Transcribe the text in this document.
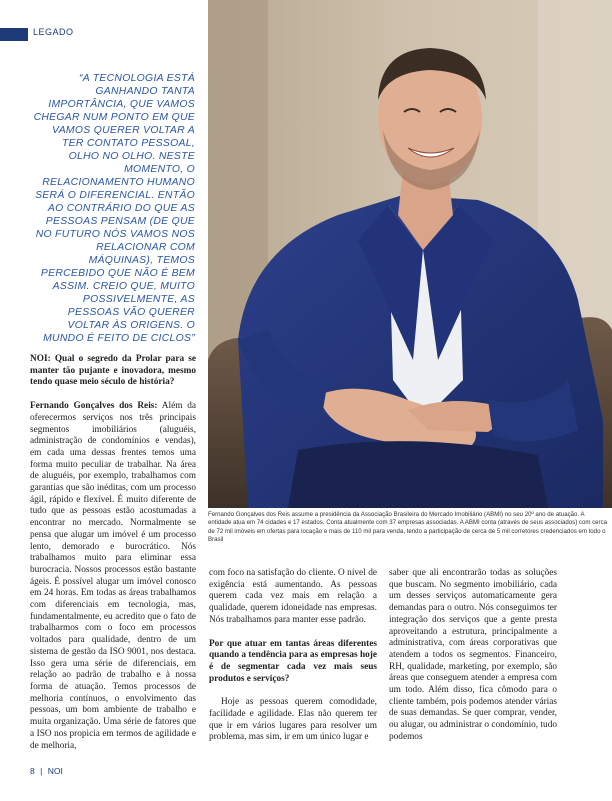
LEGADO

“A TECNOLOGIA ESTÁ GANHANDO TANTA IMPORTÂNCIA, QUE VAMOS CHEGAR NUM PONTO EM QUE VAMOS QUERER VOLTAR A TER CONTATO PESSOAL, OLHO NO OLHO. NESTE MOMENTO, O RELACIONAMENTO HUMANO SERÁ O DIFERENCIAL. ENTÃO AO CONTRÁRIO DO QUE AS PESSOAS PENSAM (DE QUE NO FUTURO NÓS VAMOS NOS RELACIONAR COM MÁQUINAS), TEMOS PERCEBIDO QUE NÃO É BEM ASSIM. CREIO QUE, MUITO POSSIVELMENTE, AS PESSOAS VÃO QUERER VOLTAR ÀS ORIGENS. O MUNDO É FEITO DE CICLOS”

Fernando Gonçalves dos Reis assume a presidência da Associação Brasileira do Mercado Imobiliário (ABMI) no seu 20º ano de atuação. A entidade atua em 74 cidades e 17 estados. Conta atualmente com 37 empresas associadas. A ABMI conta (através de seus associados) com cerca de 72 mil imóveis em ofertas para locação e mais de 110 mil para venda, tendo a participação de cerca de 5 mil corretores credenciados em todo o Brasil

NOI: Qual o segredo da Prolar para se manter tão pujante e inovadora, mesmo tendo quase meio século de história?

Fernando Gonçalves dos Reis: Além da oferecermos serviços nos três principais segmentos imobiliários (aluguéis, administração de condomínios e vendas), em cada uma dessas frentes temos uma forma muito peculiar de trabalhar. Na área de aluguéis, por exemplo, trabalhamos com garantias que são inéditas, com um processo ágil, rápido e flexível. É muito diferente de tudo que as pessoas estão acostumadas a encontrar no mercado. Normalmente se pensa que alugar um imóvel é um processo lento, demorado e burocrático. Nós trabalhamos muito para eliminar essa burocracia. Nossos processos estão bastante ágeis. É possível alugar um imóvel conosco em 24 horas. Em todas as áreas trabalhamos com diferenciais em tecnologia, mas, fundamentalmente, eu acredito que o fato de trabalharmos com o foco em processos voltados para qualidade, dentro de um sistema de gestão da ISO 9001, nos destaca. Isso gera uma série de diferenciais, em relação ao padrão de trabalho e à nossa forma de atuação. Temos processos de melhoria contínuos, o envolvimento das pessoas, um bom ambiente de trabalho e muita organização. Uma série de fatores que a ISO nos propicia em termos de agilidade e de melhoria,

com foco na satisfação do cliente. O nível de exigência está aumentando. As pessoas querem cada vez mais em relação a qualidade, querem idoneidade nas empresas. Nós trabalhamos para manter esse padrão.

Por que atuar em tantas áreas diferentes quando a tendência para as empresas hoje é de segmentar cada vez mais seus produtos e serviços?

Hoje as pessoas querem comodidade, facilidade e agilidade. Elas não querem ter que ir em vários lugares para resolver um problema, mas sim, ir em um único lugar e

saber que ali encontrarão todas as soluções que buscam. No segmento imobiliário, cada um desses serviços automaticamente gera demandas para o outro. Nós conseguimos ter integração dos serviços que a gente presta aproveitando a estrutura, principalmente a administrativa, com áreas corporativas que atendem a todos os segmentos. Financeiro, RH, qualidade, marketing, por exemplo, são áreas que conseguem atender a empresa com um todo. Além disso, fica cômodo para o cliente também, pois podemos atender várias de suas demandas. Se quer comprar, vender, ou alugar, ou administrar o condomínio, tudo podemos

8 | NOI
